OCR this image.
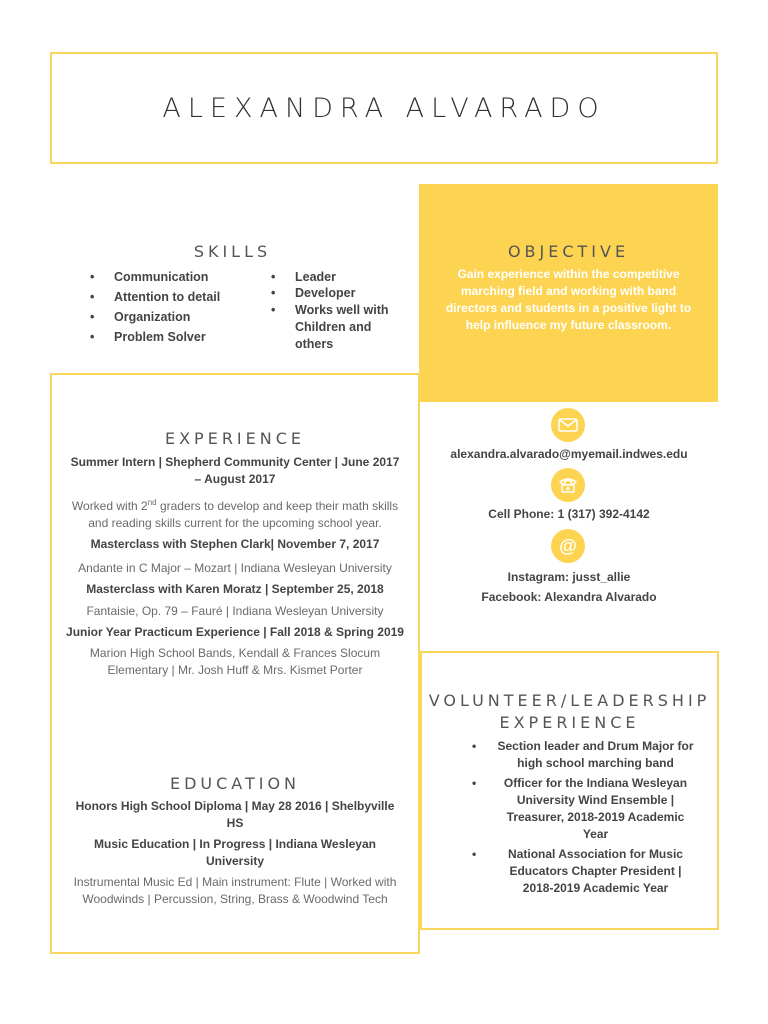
ALEXANDRA ALVARADO
SKILLS
• Communication
• Attention to detail
• Organization
• Problem Solver
• Leader
• Developer
• Works well with Children and others
OBJECTIVE
Gain experience within the competitive marching field and working with band directors and students in a positive light to help influence my future classroom.
alexandra.alvarado@myemail.indwes.edu
Cell Phone: 1 (317) 392-4142
@
Instagram: jusst_allie
Facebook: Alexandra Alvarado
EXPERIENCE

Summer Intern | Shepherd Community Center | June 2017 – August 2017

Worked with 2nd graders to develop and keep their math skills and reading skills current for the upcoming school year.

Masterclass with Stephen Clark| November 7, 2017

Andante in C Major – Mozart | Indiana Wesleyan University

Masterclass with Karen Moratz | September 25, 2018

Fantaisie, Op. 79 – Fauré | Indiana Wesleyan University

Junior Year Practicum Experience | Fall 2018 & Spring 2019

Marion High School Bands, Kendall & Frances Slocum Elementary | Mr. Josh Huff & Mrs. Kismet Porter

EDUCATION

Honors High School Diploma | May 28 2016 | Shelbyville HS

Music Education | In Progress | Indiana Wesleyan University

Instrumental Music Ed | Main instrument: Flute | Worked with Woodwinds | Percussion, String, Brass & Woodwind Tech

VOLUNTEER/LEADERSHIP
EXPERIENCE
• Section leader and Drum Major for high school marching band
• Officer for the Indiana Wesleyan University Wind Ensemble | Treasurer, 2018-2019 Academic Year
• National Association for Music Educators Chapter President | 2018-2019 Academic Year
